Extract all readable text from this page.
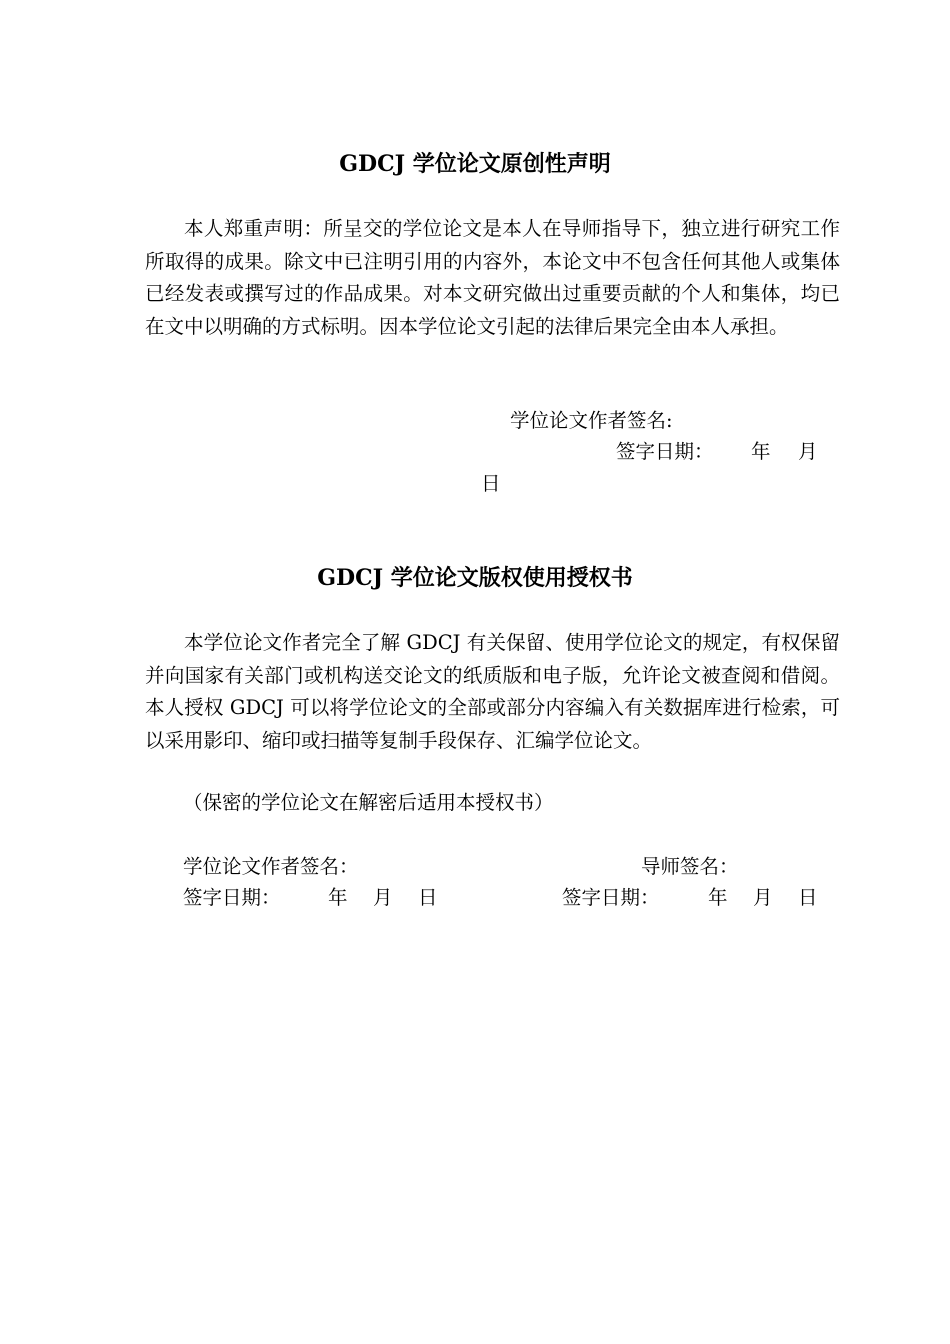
GDCJ 学位论文原创性声明
本人郑重声明：所呈交的学位论文是本人在导师指导下，独立进行研究工作所取得的成果。除文中已注明引用的内容外，本论文中不包含任何其他人或集体已经发表或撰写过的作品成果。对本文研究做出过重要贡献的个人和集体，均已在文中以明确的方式标明。因本学位论文引起的法律后果完全由本人承担。
学位论文作者签名:
签字日期： 年 月
日
GDCJ 学位论文版权使用授权书
本学位论文作者完全了解 GDCJ 有关保留、使用学位论文的规定，有权保留并向国家有关部门或机构送交论文的纸质版和电子版，允许论文被查阅和借阅。本人授权 GDCJ 可以将学位论文的全部或部分内容编入有关数据库进行检索，可以采用影印、缩印或扫描等复制手段保存、汇编学位论文。
（保密的学位论文在解密后适用本授权书）
学位论文作者签名：	导师签名：
签字日期： 年 月 日	签字日期： 年 月 日
